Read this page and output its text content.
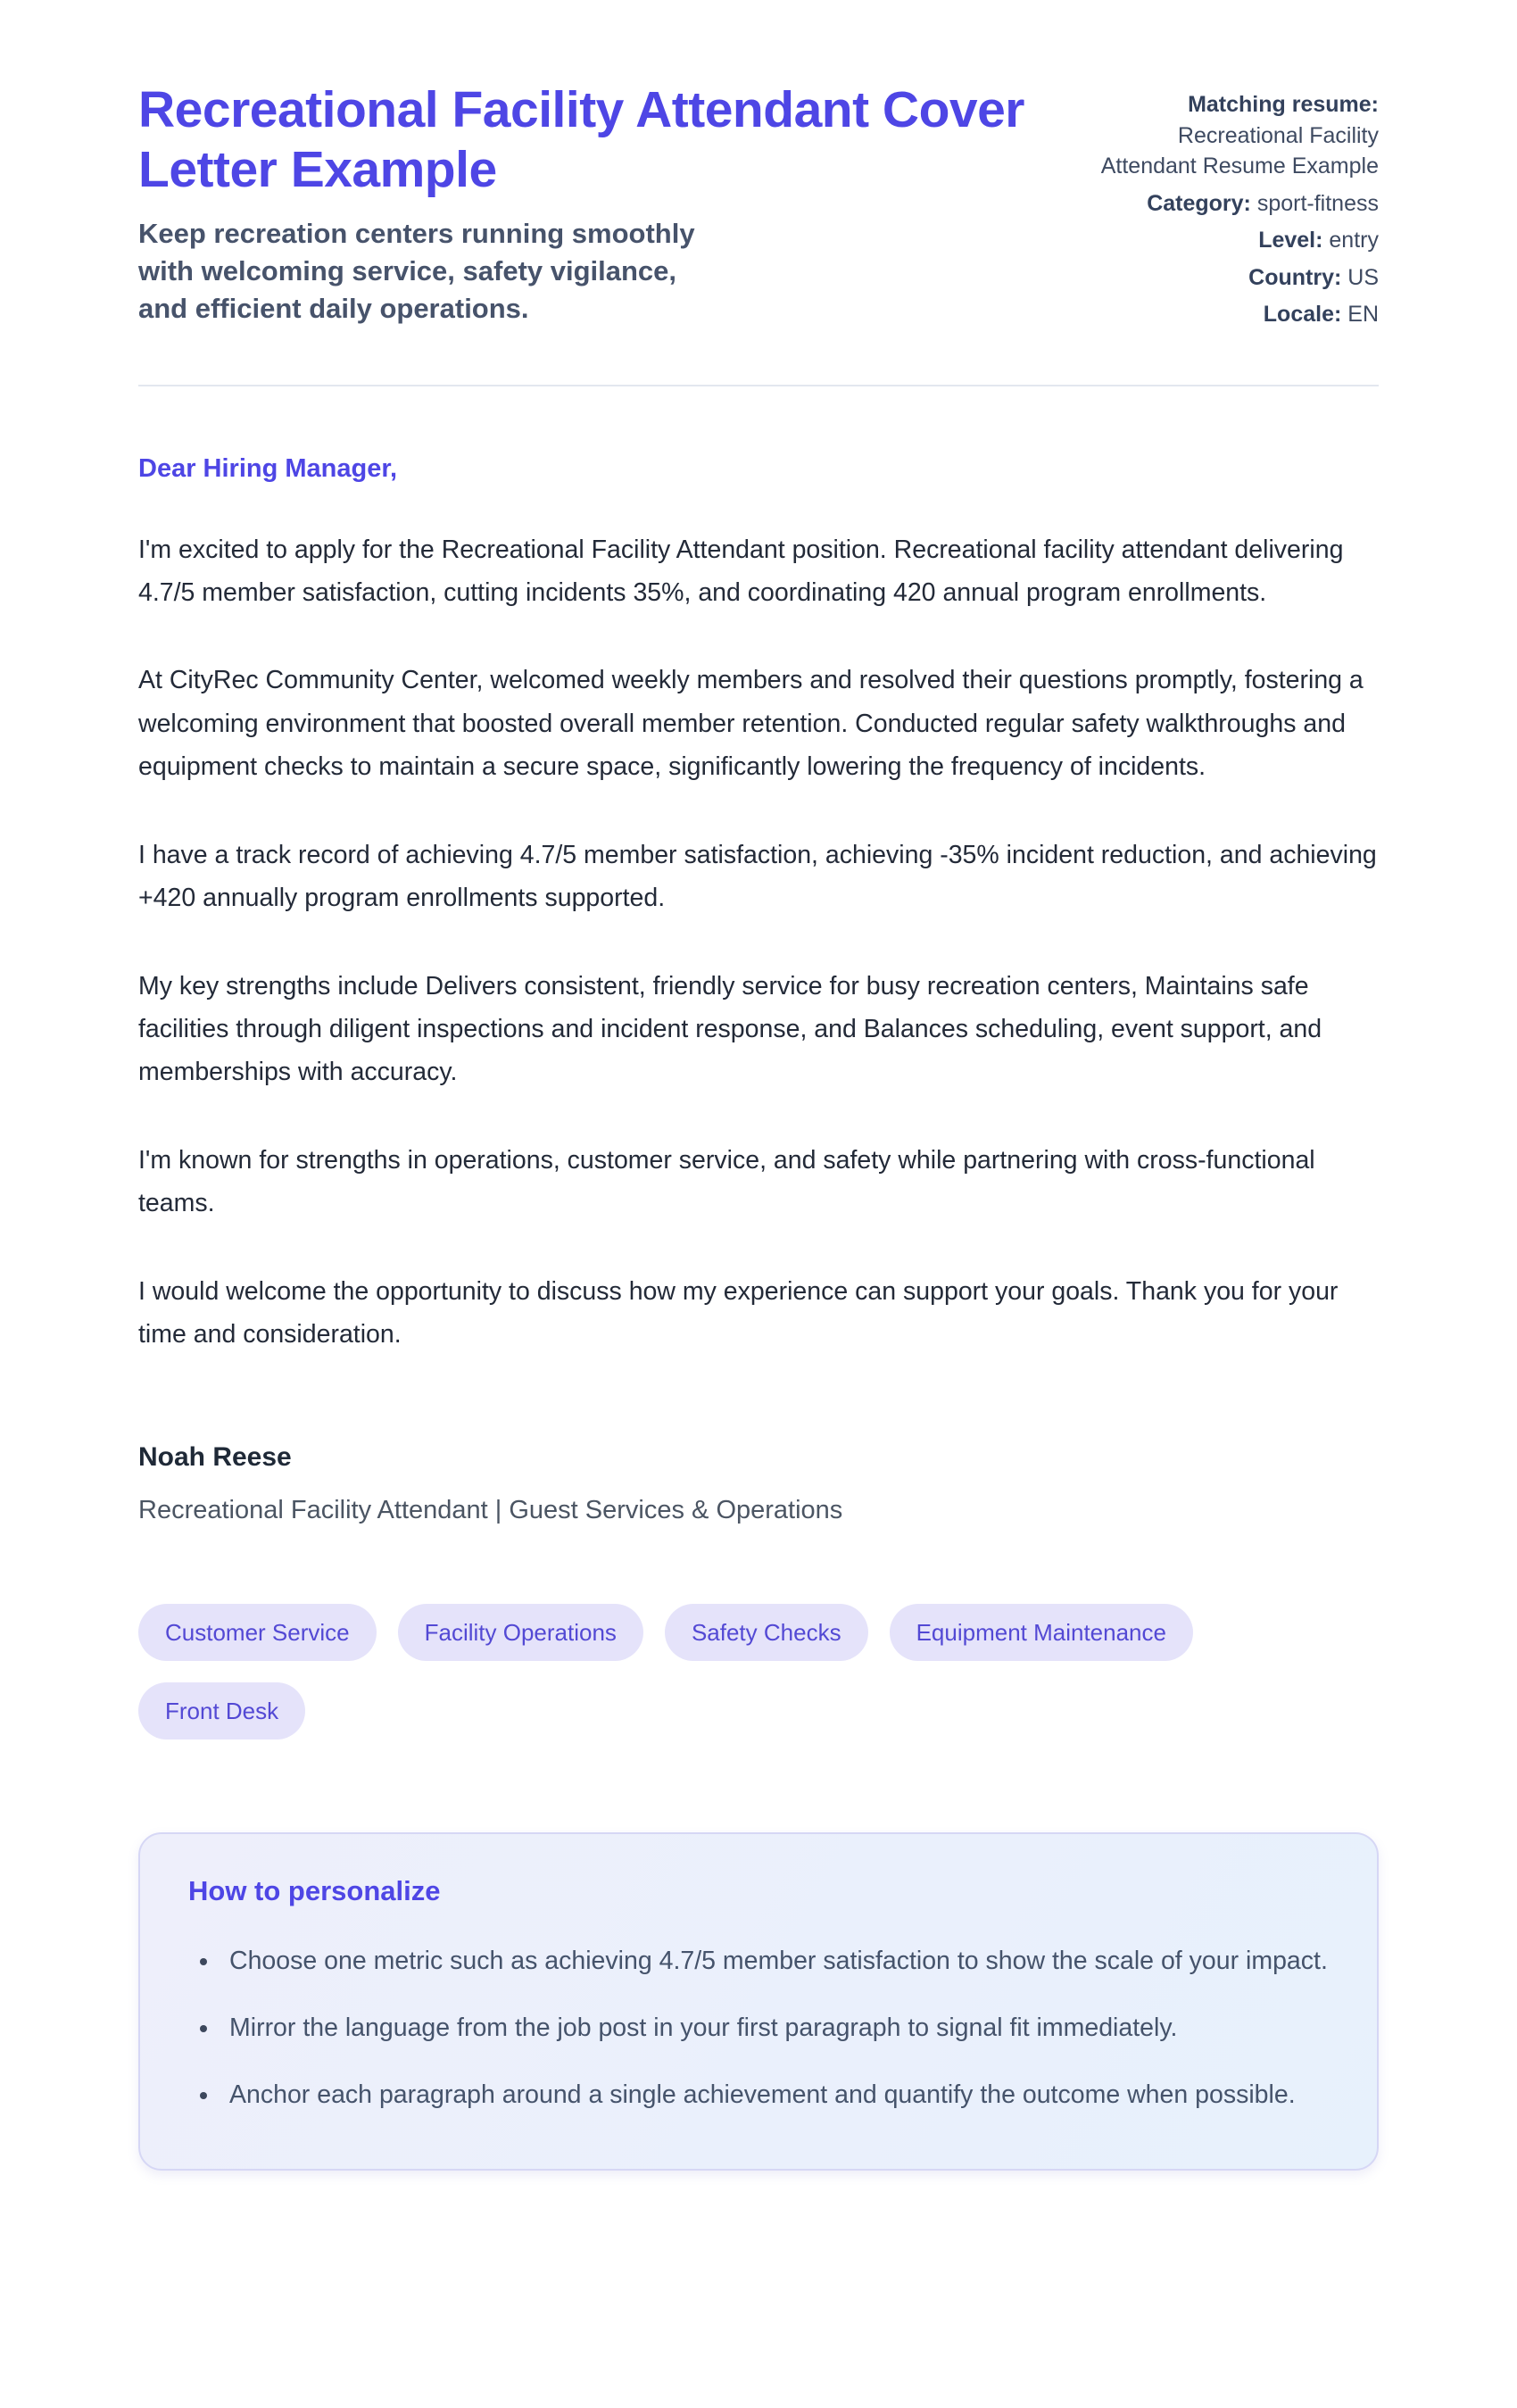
Recreational Facility Attendant Cover Letter Example

Keep recreation centers running smoothly with welcoming service, safety vigilance, and efficient daily operations.

Matching resume: Recreational Facility Attendant Resume Example

Category: sport-fitness

Level: entry

Country: US

Locale: EN

Dear Hiring Manager,

I'm excited to apply for the Recreational Facility Attendant position. Recreational facility attendant delivering 4.7/5 member satisfaction, cutting incidents 35%, and coordinating 420 annual program enrollments.

At CityRec Community Center, welcomed weekly members and resolved their questions promptly, fostering a welcoming environment that boosted overall member retention. Conducted regular safety walkthroughs and equipment checks to maintain a secure space, significantly lowering the frequency of incidents.

I have a track record of achieving 4.7/5 member satisfaction, achieving -35% incident reduction, and achieving +420 annually program enrollments supported.

My key strengths include Delivers consistent, friendly service for busy recreation centers, Maintains safe facilities through diligent inspections and incident response, and Balances scheduling, event support, and memberships with accuracy.

I'm known for strengths in operations, customer service, and safety while partnering with cross-functional teams.

I would welcome the opportunity to discuss how my experience can support your goals. Thank you for your time and consideration.

Noah Reese

Recreational Facility Attendant | Guest Services & Operations

Customer Service	Facility Operations	Safety Checks	Equipment Maintenance
Front Desk
How to personalize
• Choose one metric such as achieving 4.7/5 member satisfaction to show the scale of your impact.
• Mirror the language from the job post in your first paragraph to signal fit immediately.
• Anchor each paragraph around a single achievement and quantify the outcome when possible.
